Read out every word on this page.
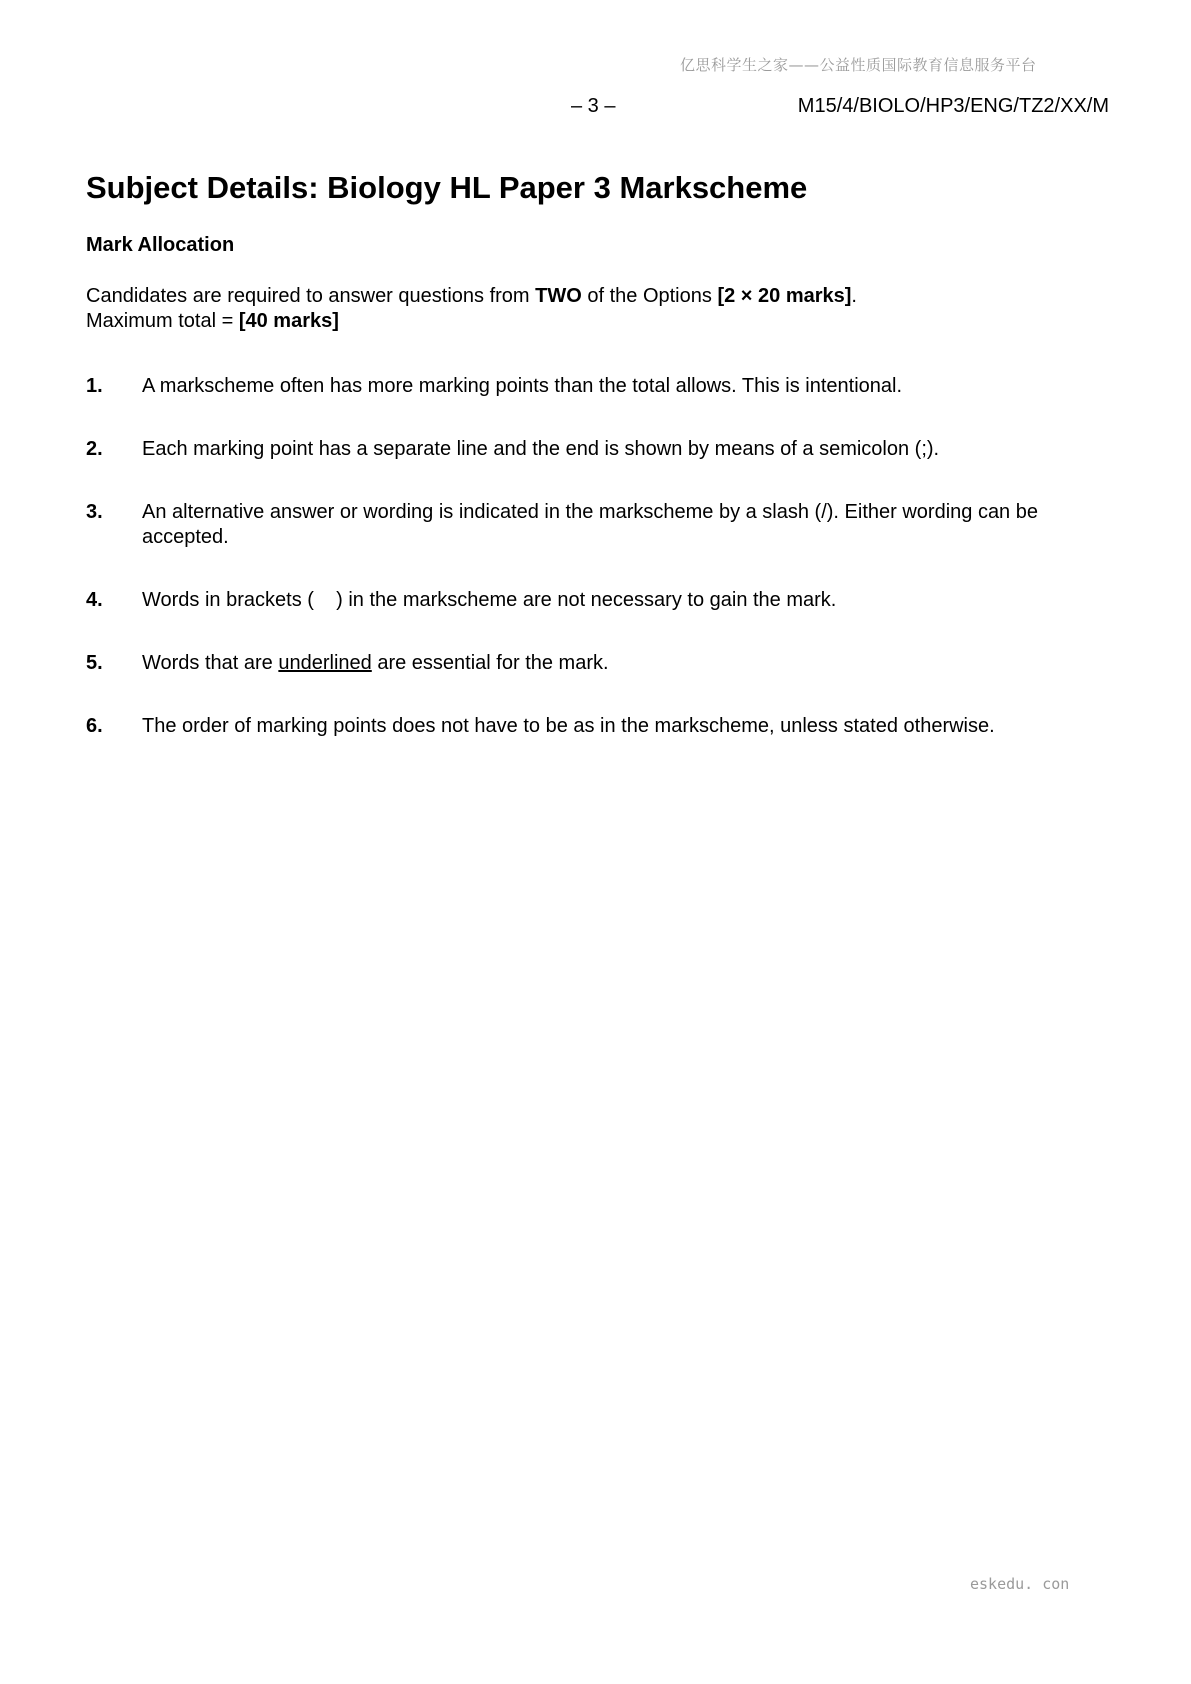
亿思科学生之家——公益性质国际教育信息服务平台
– 3 –	M15/4/BIOLO/HP3/ENG/TZ2/XX/M
Subject Details: Biology HL Paper 3 Markscheme
Mark Allocation
Candidates are required to answer questions from TWO of the Options [2 × 20 marks].
Maximum total = [40 marks]
1.	A markscheme often has more marking points than the total allows. This is intentional.
2.	Each marking point has a separate line and the end is shown by means of a semicolon (;).
3.	An alternative answer or wording is indicated in the markscheme by a slash (/). Either wording can be accepted.
4.	Words in brackets (    ) in the markscheme are not necessary to gain the mark.
5.	Words that are underlined are essential for the mark.
6.	The order of marking points does not have to be as in the markscheme, unless stated otherwise.
eskedu. con
